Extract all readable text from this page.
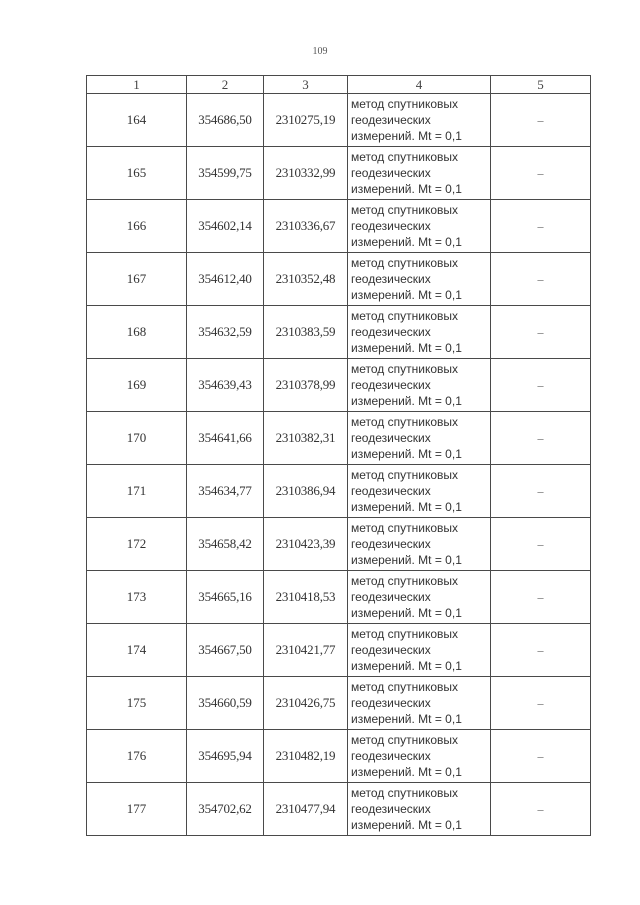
109
1	2	3	4	5
164	354686,50	2310275,19	метод спутниковых
геодезических
измерений. Mt = 0,1	–
165	354599,75	2310332,99	метод спутниковых
геодезических
измерений. Mt = 0,1	–
166	354602,14	2310336,67	метод спутниковых
геодезических
измерений. Mt = 0,1	–
167	354612,40	2310352,48	метод спутниковых
геодезических
измерений. Mt = 0,1	–
168	354632,59	2310383,59	метод спутниковых
геодезических
измерений. Mt = 0,1	–
169	354639,43	2310378,99	метод спутниковых
геодезических
измерений. Mt = 0,1	–
170	354641,66	2310382,31	метод спутниковых
геодезических
измерений. Mt = 0,1	–
171	354634,77	2310386,94	метод спутниковых
геодезических
измерений. Mt = 0,1	–
172	354658,42	2310423,39	метод спутниковых
геодезических
измерений. Mt = 0,1	–
173	354665,16	2310418,53	метод спутниковых
геодезических
измерений. Mt = 0,1	–
174	354667,50	2310421,77	метод спутниковых
геодезических
измерений. Mt = 0,1	–
175	354660,59	2310426,75	метод спутниковых
геодезических
измерений. Mt = 0,1	–
176	354695,94	2310482,19	метод спутниковых
геодезических
измерений. Mt = 0,1	–
177	354702,62	2310477,94	метод спутниковых
геодезических
измерений. Mt = 0,1	–
